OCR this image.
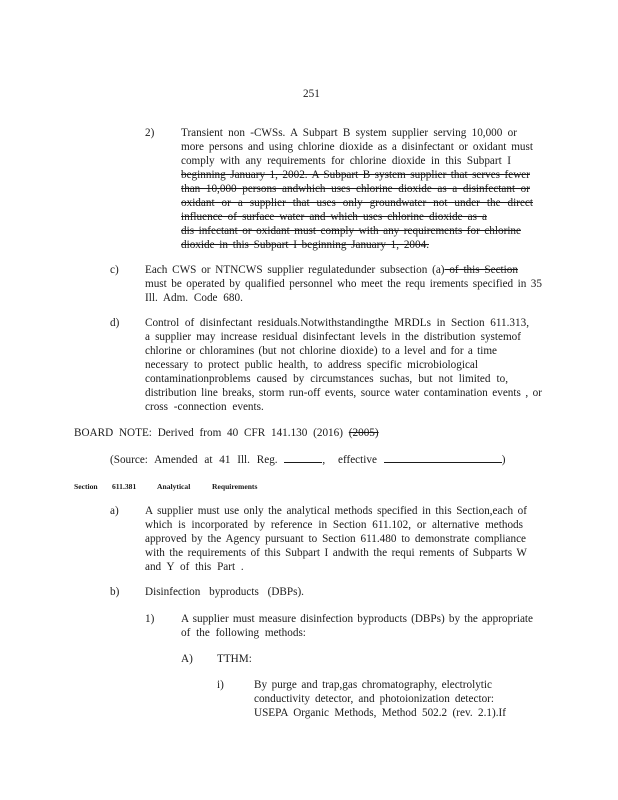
251
2) Transient non -CWSs. A Subpart B system supplier serving 10,000 or
more persons and using chlorine dioxide as a disinfectant or oxidant must
comply with any requirements for chlorine dioxide in this Subpart I
beginning January 1, 2002. A Subpart B system supplier that serves fewer
than 10,000 persons andwhich uses chlorine dioxide as a disinfectant or
oxidant or a supplier that uses only groundwater not under the direct
influence of surface water and which uses chlorine dioxide as a
dis infectant or oxidant must comply with any requirements for chlorine
dioxide in this Subpart I beginning January 1, 2004.
c) Each CWS or NTNCWS supplier regulatedunder subsection (a) of this Section
must be operated by qualified personnel who meet the requ irements specified in 35
Ill. Adm. Code 680.
d) Control of disinfectant residuals.Notwithstandingthe MRDLs in Section 611.313,
a supplier may increase residual disinfectant levels in the distribution systemof
chlorine or chloramines (but not chlorine dioxide) to a level and for a time
necessary to protect public health, to address specific microbiological
contaminationproblems caused by circumstances suchas, but not limited to,
distribution line breaks, storm run-off events, source water contamination events , or
cross -connection events.
BOARD NOTE: Derived from 40 CFR 141.130 (2016) (2005)
(Source: Amended at 41 Ill. Reg.	, effective	)
Section 611.381	Analytical	Requirements
a) A supplier must use only the analytical methods specified in this Section,each of
which is incorporated by reference in Section 611.102, or alternative methods
approved by the Agency pursuant to Section 611.480 to demonstrate compliance
with the requirements of this Subpart I andwith the requi rements of Subparts W
and Y of this Part .
b) Disinfection byproducts (DBPs).
1) A supplier must measure disinfection byproducts (DBPs) by the appropriate
of the following methods:
A) TTHM:
i)	By purge and trap,gas chromatography, electrolytic
conductivity detector, and photoionization detector:
USEPA Organic Methods, Method 502.2 (rev. 2.1).If
